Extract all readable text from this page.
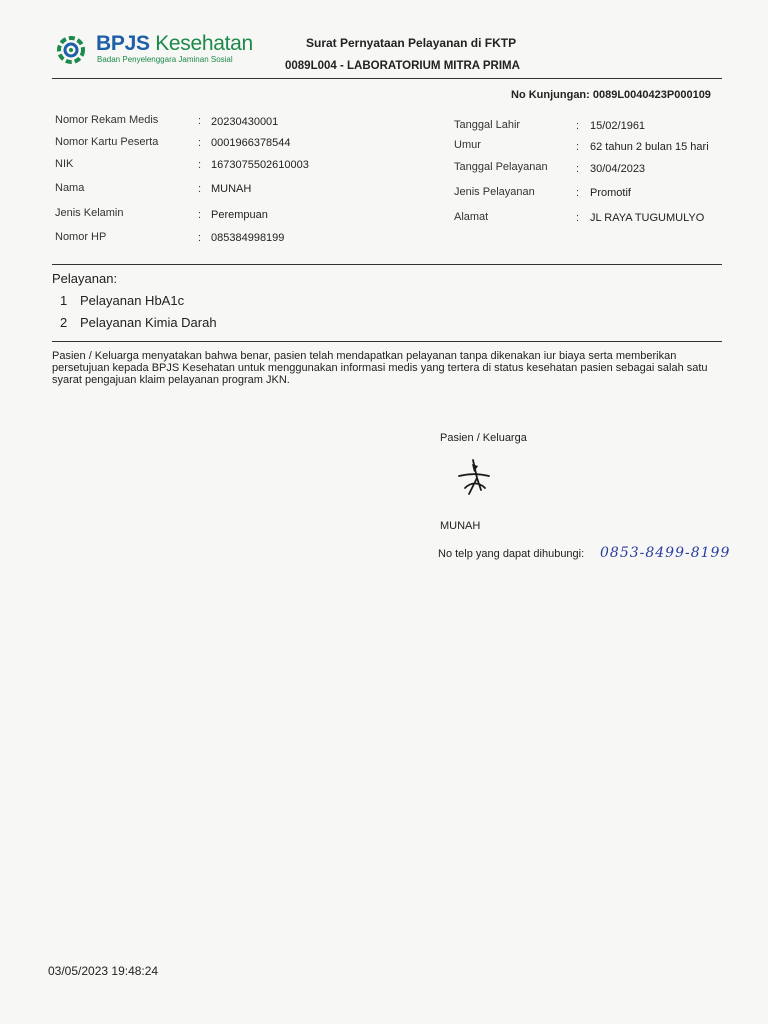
BPJS Kesehatan
Badan Penyelenggara Jaminan Sosial
Surat Pernyataan Pelayanan di FKTP
0089L004 - LABORATORIUM MITRA PRIMA
No Kunjungan: 0089L0040423P000109
Nomor Rekam Medis	: 20230430001
Nomor Kartu Peserta	: 0001966378544
NIK	: 1673075502610003
Nama	: MUNAH
Jenis Kelamin	: Perempuan
Nomor HP	: 085384998199
Tanggal Lahir	: 15/02/1961
Umur	: 62 tahun 2 bulan 15 hari
Tanggal Pelayanan	: 30/04/2023
Jenis Pelayanan	: Promotif
Alamat	: JL RAYA TUGUMULYO
Pelayanan:
1 Pelayanan HbA1c
2 Pelayanan Kimia Darah
Pasien / Keluarga menyatakan bahwa benar, pasien telah mendapatkan pelayanan tanpa dikenakan iur biaya serta memberikan persetujuan kepada BPJS Kesehatan untuk menggunakan informasi medis yang tertera di status kesehatan pasien sebagai salah satu syarat pengajuan klaim pelayanan program JKN.
Pasien / Keluarga
MUNAH
No telp yang dapat dihubungi: 0853-8499-8199
03/05/2023 19:48:24
